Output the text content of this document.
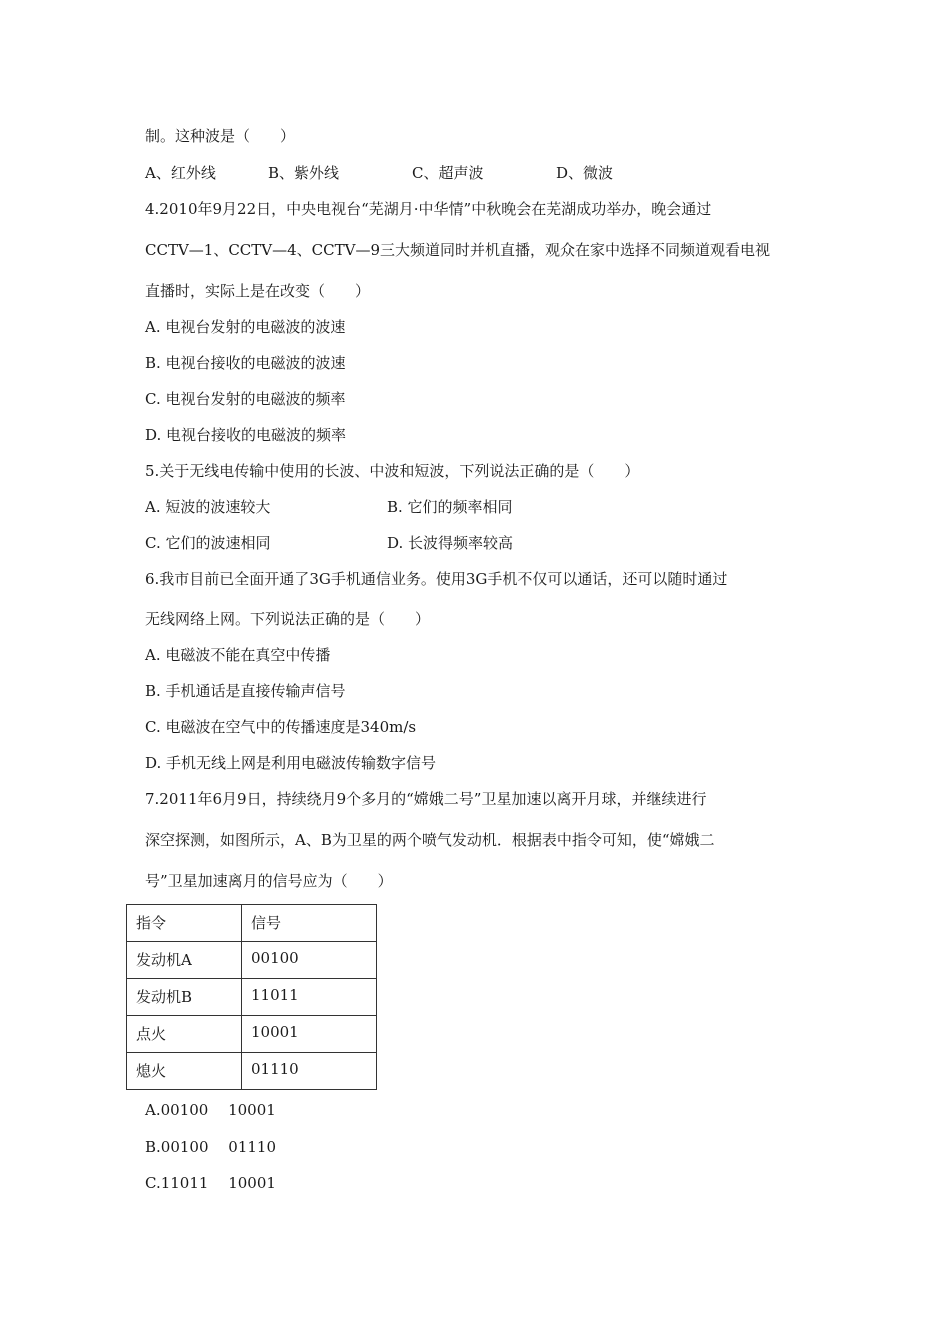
制。这种波是（　　）
A、红外线	B、紫外线	C、超声波	D、微波
4.2010年9月22日，中央电视台“芜湖月·中华情”中秋晚会在芜湖成功举办，晚会通过
CCTV—1、CCTV—4、CCTV—9三大频道同时并机直播，观众在家中选择不同频道观看电视
直播时，实际上是在改变（　　）
A. 电视台发射的电磁波的波速
B. 电视台接收的电磁波的波速
C. 电视台发射的电磁波的频率
D. 电视台接收的电磁波的频率
5.关于无线电传输中使用的长波、中波和短波，下列说法正确的是（　　）
A. 短波的波速较大	B. 它们的频率相同
C. 它们的波速相同	D. 长波得频率较高
6.我市目前已全面开通了3G手机通信业务。使用3G手机不仅可以通话，还可以随时通过
无线网络上网。下列说法正确的是（　　）
A. 电磁波不能在真空中传播
B. 手机通话是直接传输声信号
C. 电磁波在空气中的传播速度是340m/s
D. 手机无线上网是利用电磁波传输数字信号
7.2011年6月9日，持续绕月9个多月的“嫦娥二号”卫星加速以离开月球，并继续进行
深空探测，如图所示，A、B为卫星的两个喷气发动机．根据表中指令可知，使“嫦娥二
号”卫星加速离月的信号应为（　　）
指令	信号
发动机A	00100
发动机B	11011
点火	10001
熄火	01110
A.00100　 10001
B.00100　 01110
C.11011　 10001
